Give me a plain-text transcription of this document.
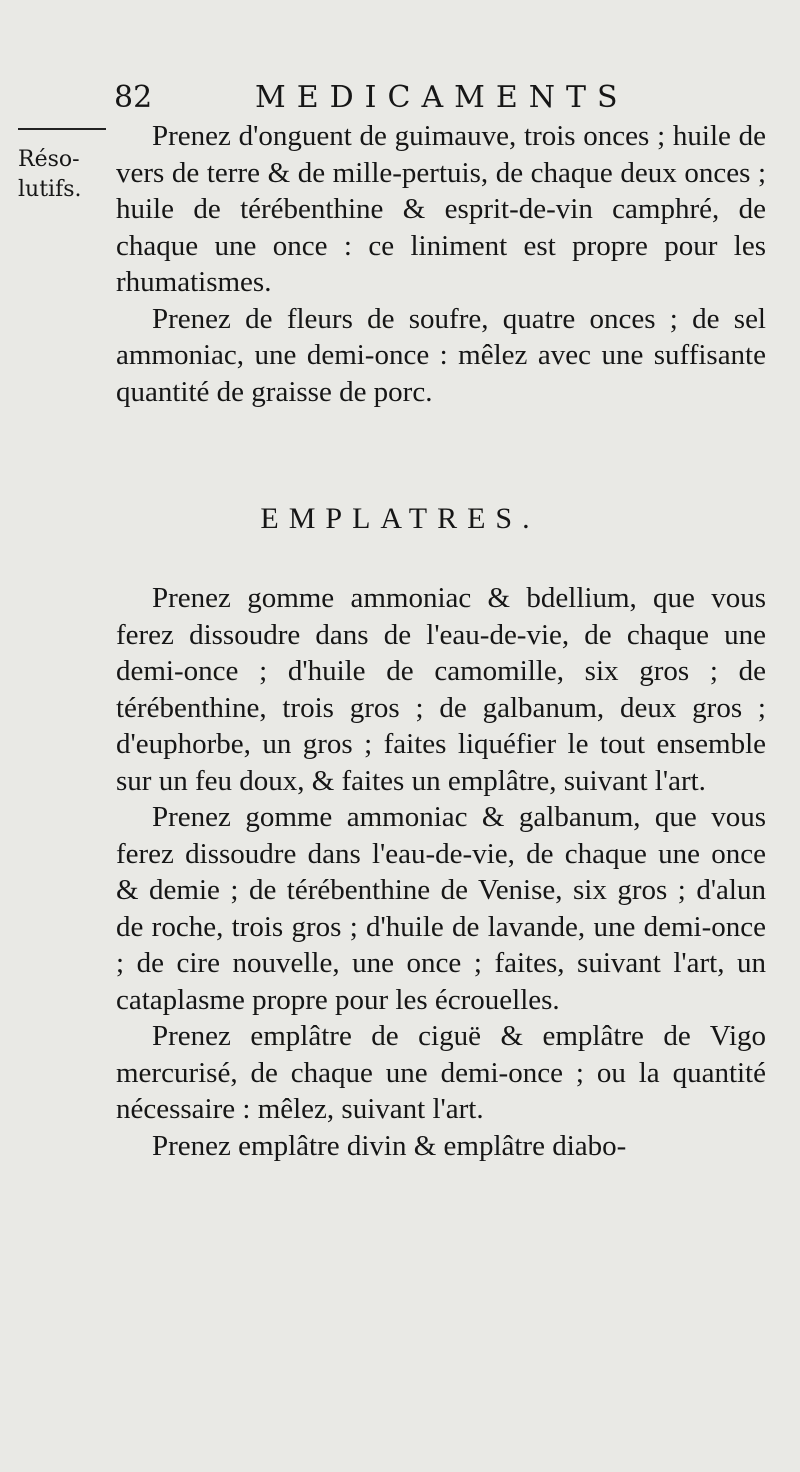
82	MEDICAMENTS
Réso-lutifs.

Prenez d'onguent de guimauve, trois onces ; huile de vers de terre & de mille-pertuis, de chaque deux onces ; huile de térébenthine & esprit-de-vin camphré, de chaque une once : ce liniment est propre pour les rhumatismes.

Prenez de fleurs de soufre, quatre onces ; de sel ammoniac, une demi-once : mêlez avec une suffisante quantité de graisse de porc.

EMPLATRES.

Prenez gomme ammoniac & bdellium, que vous ferez dissoudre dans de l'eau-de-vie, de chaque une demi-once ; d'huile de camomille, six gros ; de térébenthine, trois gros ; de galbanum, deux gros ; d'euphorbe, un gros ; faites liquéfier le tout ensemble sur un feu doux, & faites un emplâtre, suivant l'art.

Prenez gomme ammoniac & galbanum, que vous ferez dissoudre dans l'eau-de-vie, de chaque une once & demie ; de térébenthine de Venise, six gros ; d'alun de roche, trois gros ; d'huile de lavande, une demi-once ; de cire nouvelle, une once ; faites, suivant l'art, un cataplasme propre pour les écrouelles.

Prenez emplâtre de ciguë & emplâtre de Vigo mercurisé, de chaque une demi-once ; ou la quantité nécessaire : mêlez, suivant l'art.

Prenez emplâtre divin & emplâtre diabo-
